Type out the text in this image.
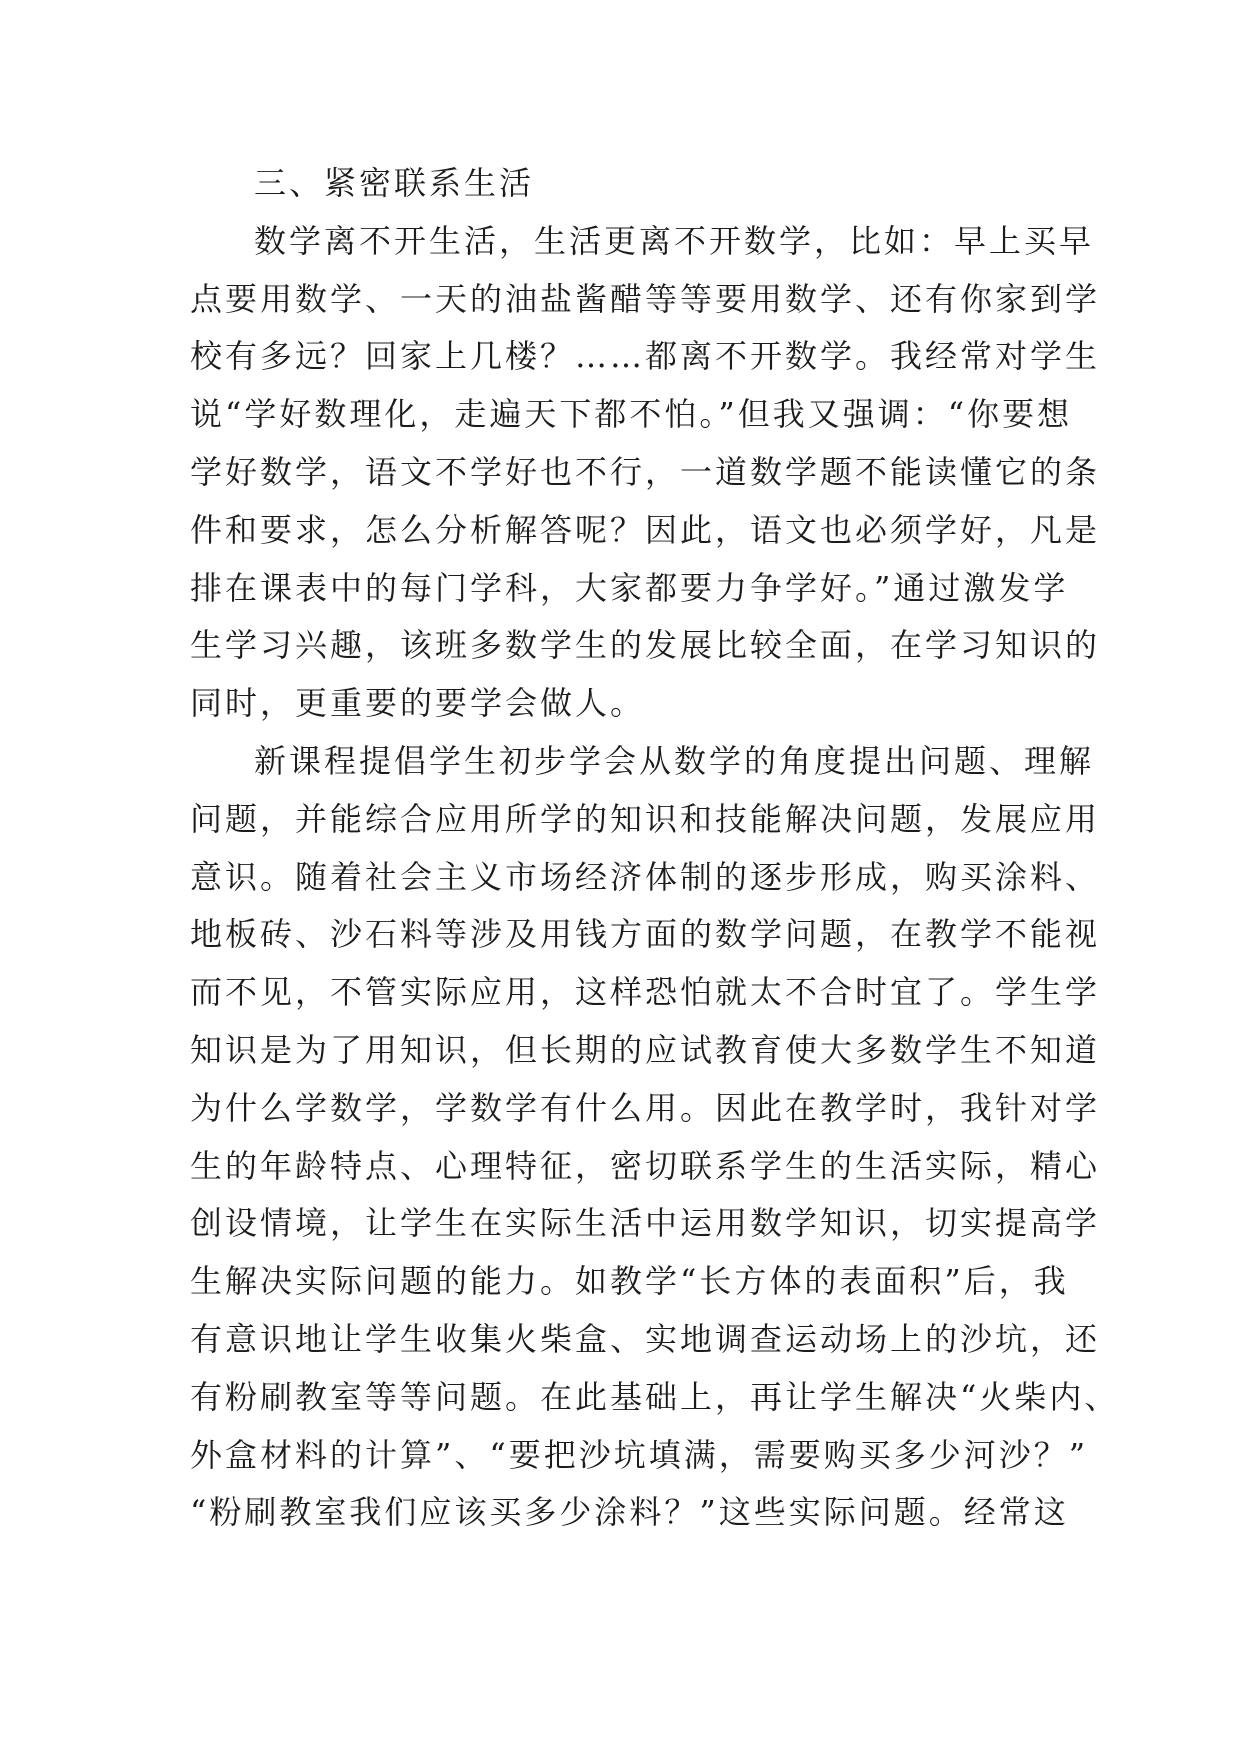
三、紧密联系生活
数学离不开生活，生活更离不开数学，比如：早上买早
点要用数学、一天的油盐酱醋等等要用数学、还有你家到学
校有多远？回家上几楼？……都离不开数学。我经常对学生
说“学好数理化，走遍天下都不怕。”但我又强调：“你要想
学好数学，语文不学好也不行，一道数学题不能读懂它的条
件和要求，怎么分析解答呢？因此，语文也必须学好，凡是
排在课表中的每门学科，大家都要力争学好。”通过激发学
生学习兴趣，该班多数学生的发展比较全面，在学习知识的
同时，更重要的要学会做人。
新课程提倡学生初步学会从数学的角度提出问题、理解
问题，并能综合应用所学的知识和技能解决问题，发展应用
意识。随着社会主义市场经济体制的逐步形成，购买涂料、
地板砖、沙石料等涉及用钱方面的数学问题，在教学不能视
而不见，不管实际应用，这样恐怕就太不合时宜了。学生学
知识是为了用知识，但长期的应试教育使大多数学生不知道
为什么学数学，学数学有什么用。因此在教学时，我针对学
生的年龄特点、心理特征，密切联系学生的生活实际，精心
创设情境，让学生在实际生活中运用数学知识，切实提高学
生解决实际问题的能力。如教学“长方体的表面积”后，我
有意识地让学生收集火柴盒、实地调查运动场上的沙坑，还
有粉刷教室等等问题。在此基础上，再让学生解决“火柴内、
外盒材料的计算”、“要把沙坑填满，需要购买多少河沙？”
“粉刷教室我们应该买多少涂料？”这些实际问题。经常这
